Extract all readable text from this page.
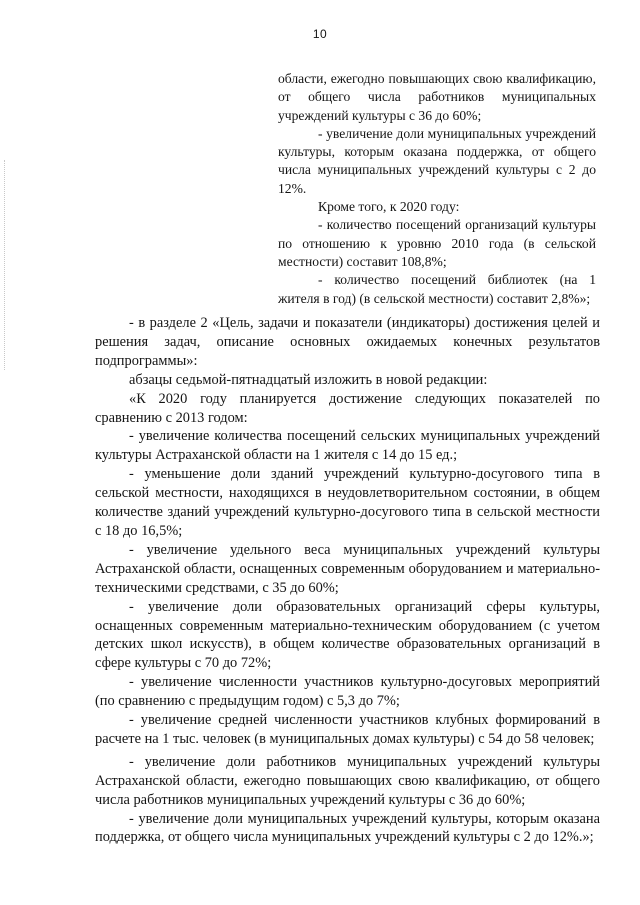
10

области, ежегодно повышающих свою квалификацию, от общего числа работников муниципальных учреждений культуры с 36 до 60%;

- увеличение доли муниципальных учреждений культуры, которым оказана поддержка, от общего числа муниципальных учреждений культуры с 2 до 12%.

Кроме того, к 2020 году:

- количество посещений организаций культуры по отношению к уровню 2010 года (в сельской местности) составит 108,8%;

- количество посещений библиотек (на 1 жителя в год) (в сельской местности) составит 2,8%»;

- в разделе 2 «Цель, задачи и показатели (индикаторы) достижения целей и решения задач, описание основных ожидаемых конечных результатов подпрограммы»:

абзацы седьмой-пятнадцатый изложить в новой редакции:

«К 2020 году планируется достижение следующих показателей по сравнению с 2013 годом:

- увеличение количества посещений сельских муниципальных учреждений культуры Астраханской области на 1 жителя с 14 до 15 ед.;

- уменьшение доли зданий учреждений культурно-досугового типа в сельской местности, находящихся в неудовлетворительном состоянии, в общем количестве зданий учреждений культурно-досугового типа в сельской местности с 18 до 16,5%;

- увеличение удельного веса муниципальных учреждений культуры Астраханской области, оснащенных современным оборудованием и материально-техническими средствами, с 35 до 60%;

- увеличение доли образовательных организаций сферы культуры, оснащенных современным материально-техническим оборудованием (с учетом детских школ искусств), в общем количестве образовательных организаций в сфере культуры с 70 до 72%;

- увеличение численности участников культурно-досуговых мероприятий (по сравнению с предыдущим годом) с 5,3 до 7%;

- увеличение средней численности участников клубных формирований в расчете на 1 тыс. человек (в муниципальных домах культуры) с 54 до 58 человек;

- увеличение доли работников муниципальных учреждений культуры Астраханской области, ежегодно повышающих свою квалификацию, от общего числа работников муниципальных учреждений культуры с 36 до 60%;

- увеличение доли муниципальных учреждений культуры, которым оказана поддержка, от общего числа муниципальных учреждений культуры с 2 до 12%.»;
